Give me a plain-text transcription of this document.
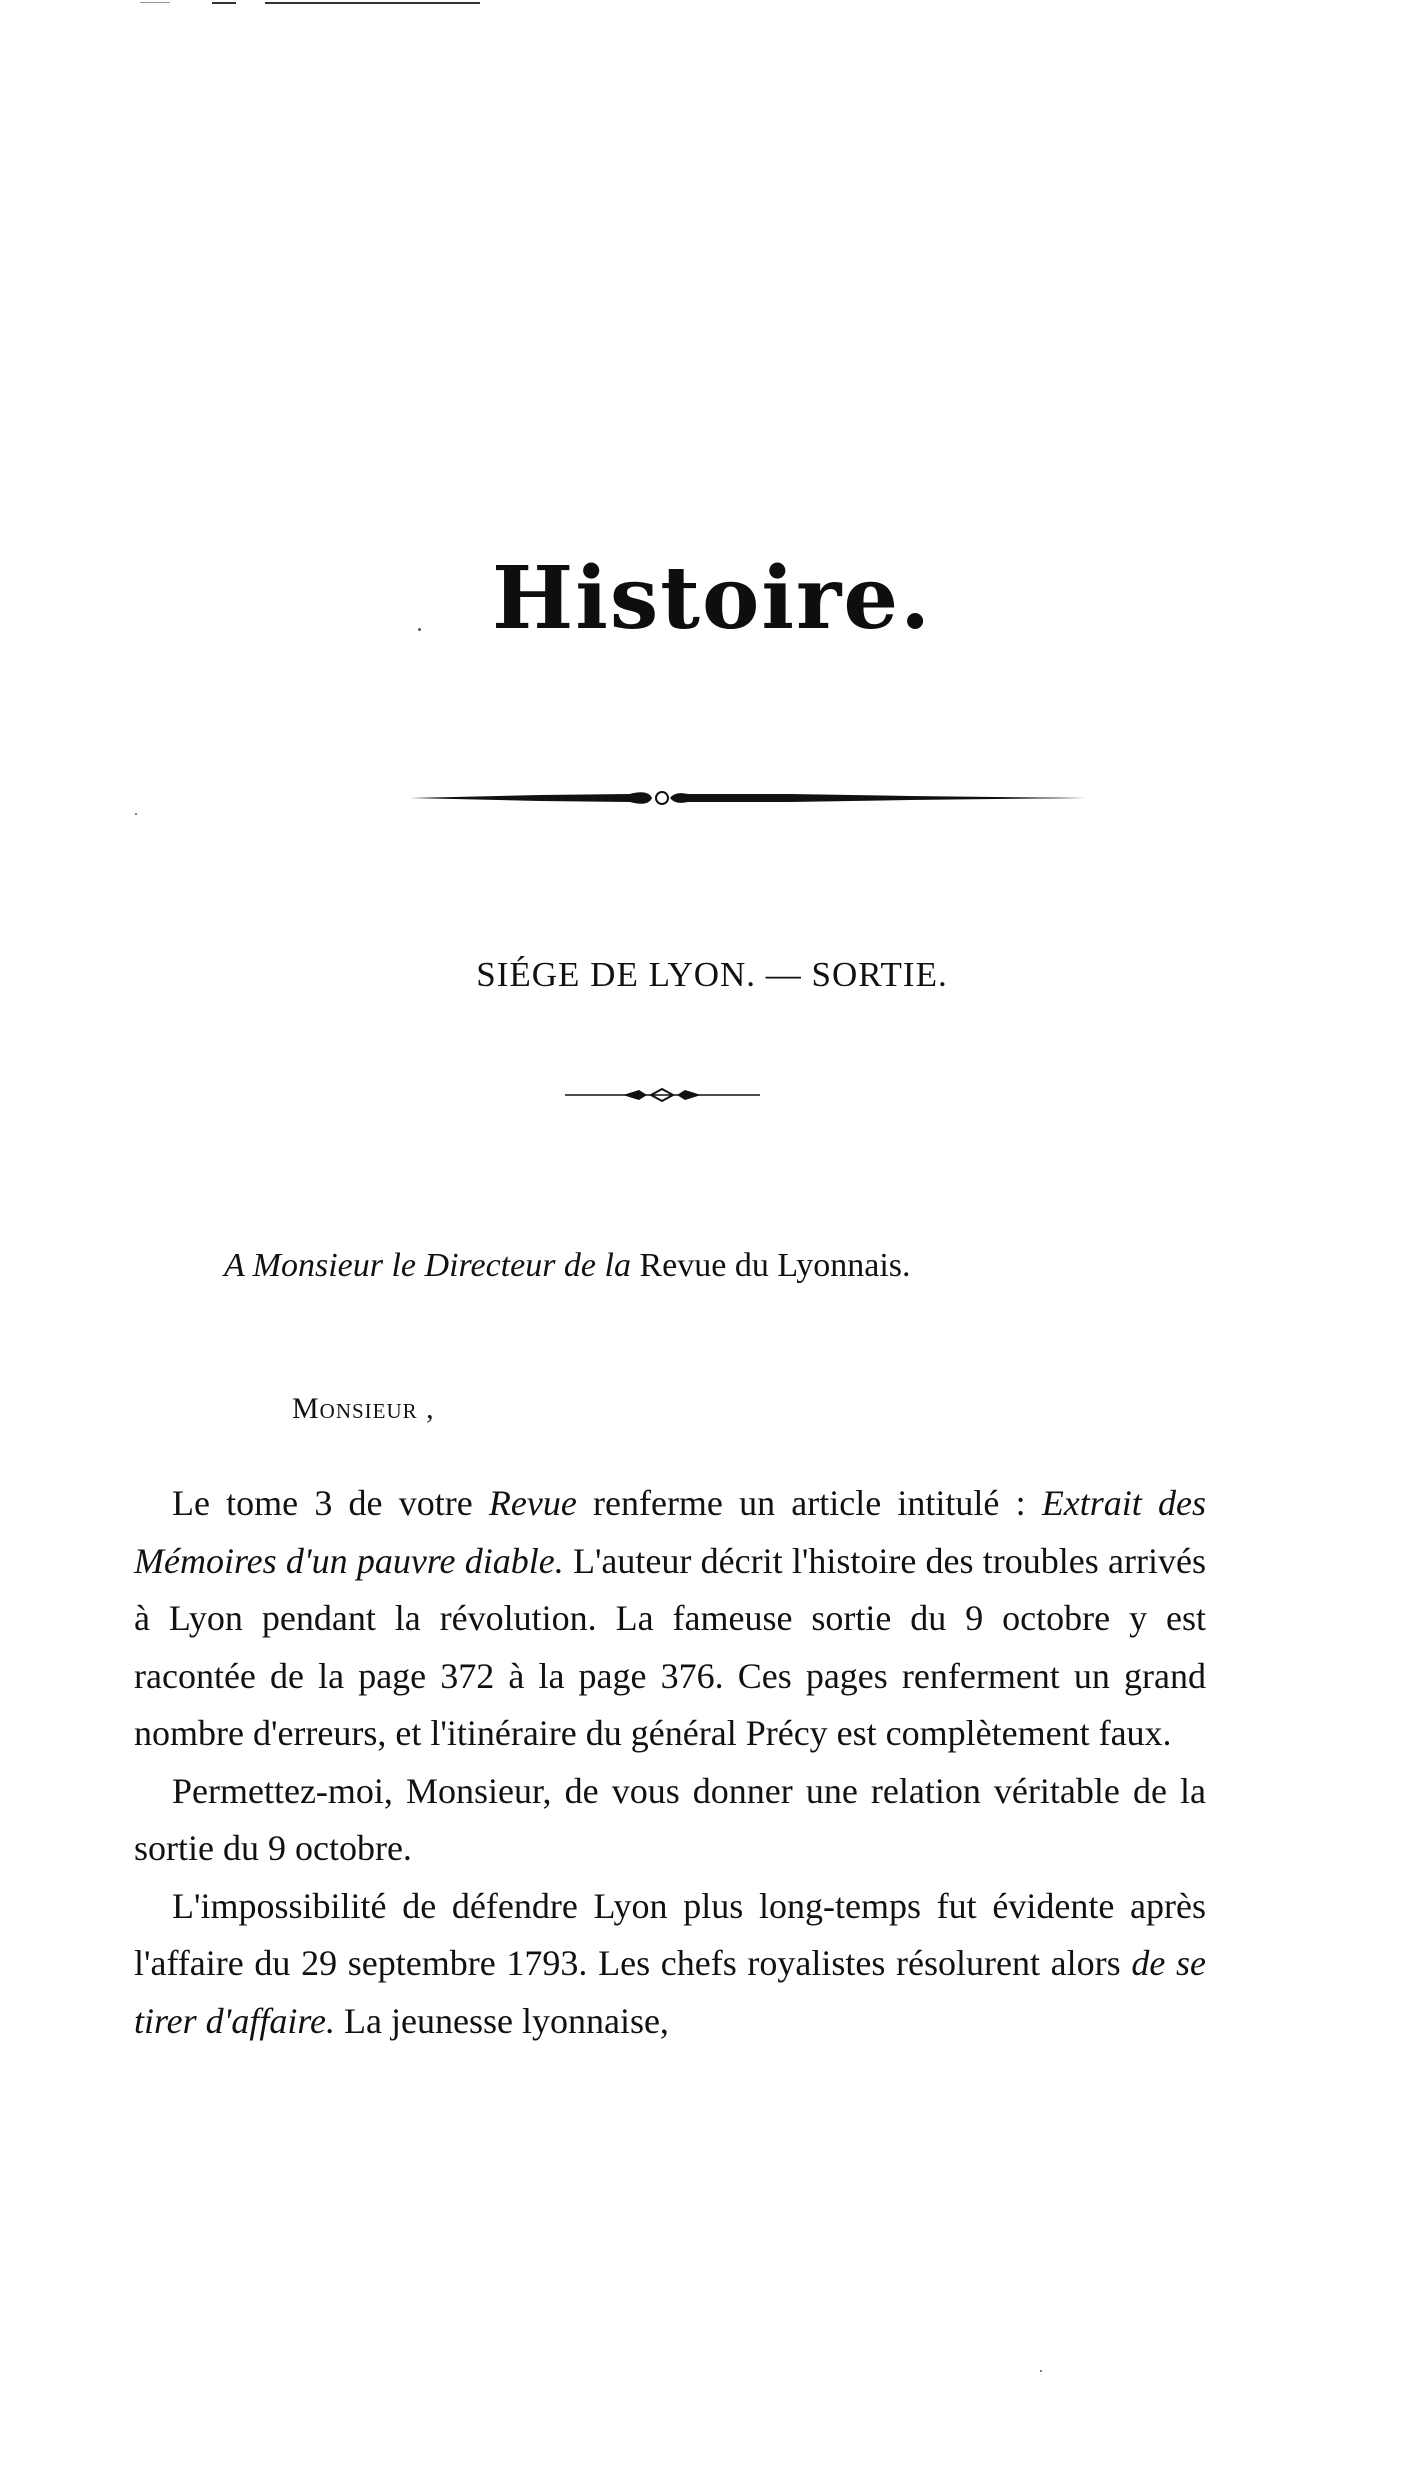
Histoire.
SIÉGE DE LYON. — SORTIE.
A Monsieur le Directeur de la Revue du Lyonnais.
Monsieur ,

Le tome 3 de votre Revue renferme un article intitulé : Extrait des Mémoires d'un pauvre diable. L'auteur décrit l'histoire des troubles arrivés à Lyon pendant la révolution. La fameuse sortie du 9 octobre y est racontée de la page 372 à la page 376. Ces pages renferment un grand nombre d'erreurs, et l'itinéraire du général Précy est complètement faux.

Permettez-moi, Monsieur, de vous donner une relation véritable de la sortie du 9 octobre.

L'impossibilité de défendre Lyon plus long-temps fut évidente après l'affaire du 29 septembre 1793. Les chefs royalistes résolurent alors de se tirer d'affaire. La jeunesse lyonnaise,
